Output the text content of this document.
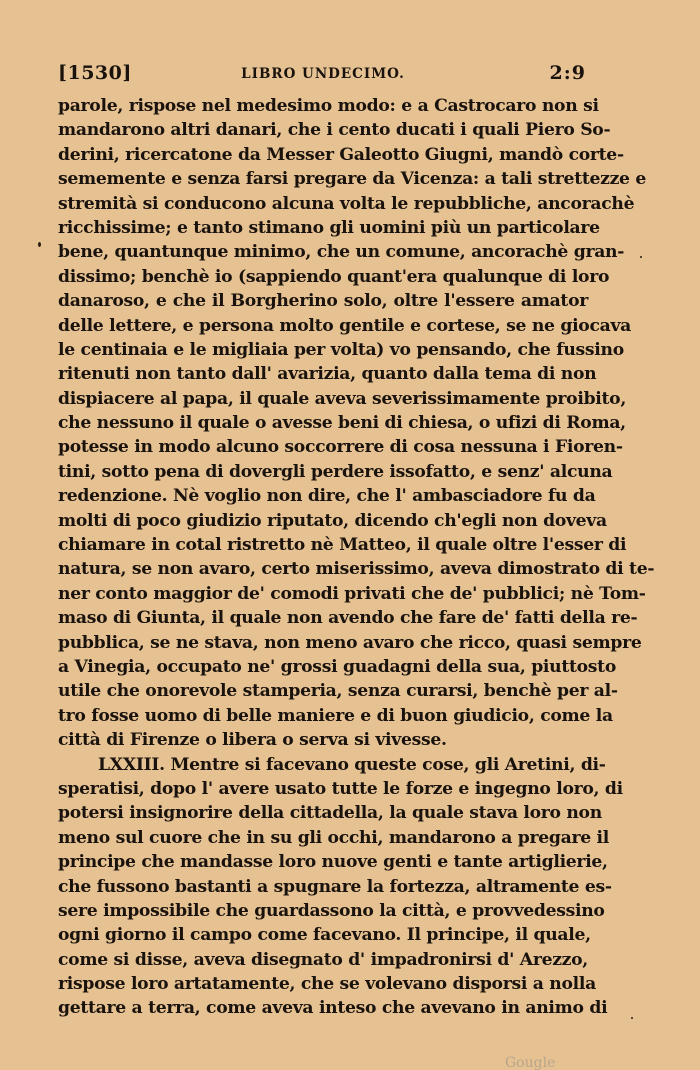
[1530]	LIBRO UNDECIMO.	2:9
parole, rispose nel medesimo modo: e a Castrocaro non si
mandarono altri danari, che i cento ducati i quali Piero So-
derini, ricercatone da Messer Galeotto Giugni, mandò corte-
sememente e senza farsi pregare da Vicenza: a tali strettezze e
stremità si conducono alcuna volta le repubbliche, ancorachè
ricchissime; e tanto stimano gli uomini più un particolare
bene, quantunque minimo, che un comune, ancorachè gran-
dissimo; benchè io (sappiendo quant'era qualunque di loro
danaroso, e che il Borgherino solo, oltre l'essere amator
delle lettere, e persona molto gentile e cortese, se ne giocava
le centinaia e le migliaia per volta) vo pensando, che fussino
ritenuti non tanto dall' avarizia, quanto dalla tema di non
dispiacere al papa, il quale aveva severissimamente proibito,
che nessuno il quale o avesse beni di chiesa, o ufizi di Roma,
potesse in modo alcuno soccorrere di cosa nessuna i Fioren-
tini, sotto pena di dovergli perdere issofatto, e senz' alcuna
redenzione. Nè voglio non dire, che l' ambasciadore fu da
molti di poco giudizio riputato, dicendo ch'egli non doveva
chiamare in cotal ristretto nè Matteo, il quale oltre l'esser di
natura, se non avaro, certo miserissimo, aveva dimostrato di te-
ner conto maggior de' comodi privati che de' pubblici; nè Tom-
maso di Giunta, il quale non avendo che fare de' fatti della re-
pubblica, se ne stava, non meno avaro che ricco, quasi sempre
a Vinegia, occupato ne' grossi guadagni della sua, piuttosto
utile che onorevole stamperia, senza curarsi, benchè per al-
tro fosse uomo di belle maniere e di buon giudicio, come la
città di Firenze o libera o serva si vivesse.
LXXIII. Mentre si facevano queste cose, gli Aretini, di-
speratisi, dopo l' avere usato tutte le forze e ingegno loro, di
potersi insignorire della cittadella, la quale stava loro non
meno sul cuore che in su gli occhi, mandarono a pregare il
principe che mandasse loro nuove genti e tante artiglierie,
che fussono bastanti a spugnare la fortezza, altramente es-
sere impossibile che guardassono la città, e provvedessino
ogni giorno il campo come facevano. Il principe, il quale,
come si disse, aveva disegnato d' impadronirsi d' Arezzo,
rispose loro artatamente, che se volevano disporsi a nolla
gettare a terra, come aveva inteso che avevano in animo di
Gougle
